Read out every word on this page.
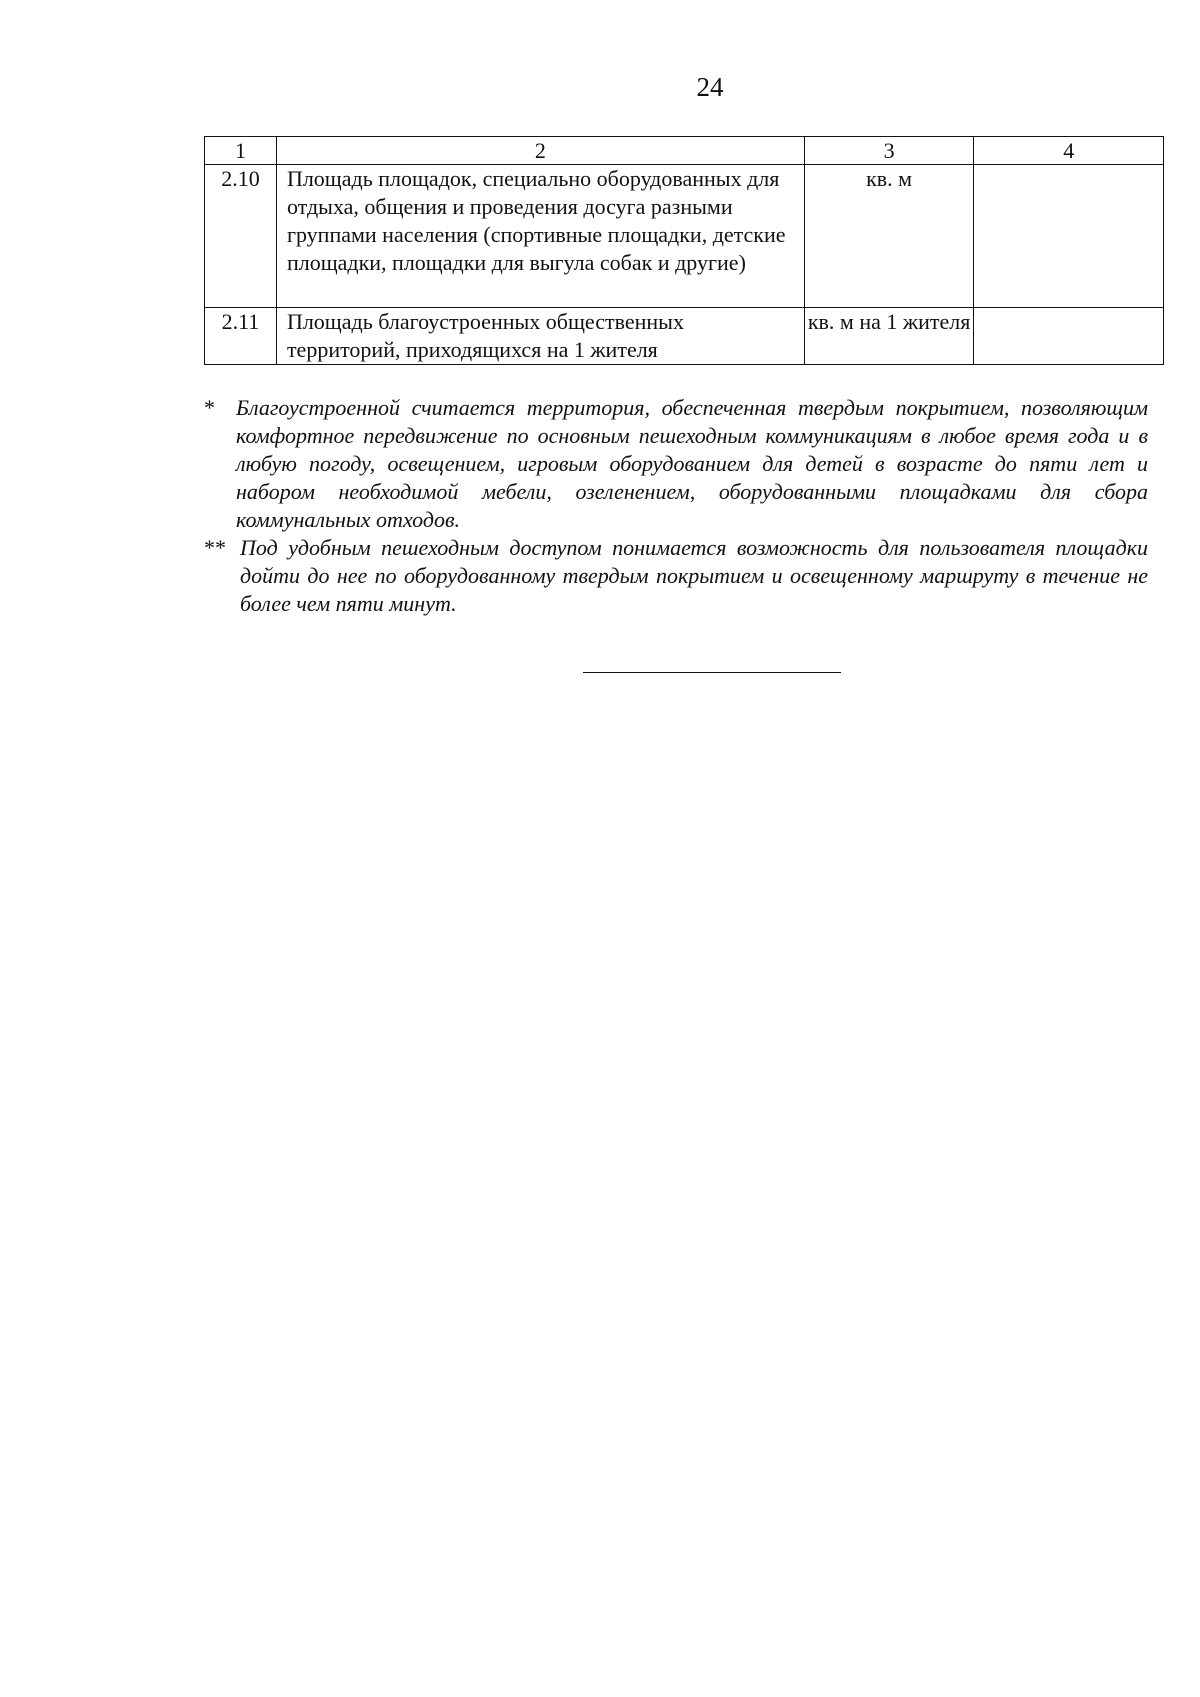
24
1	2	3	4
2.10	Площадь площадок, специально оборудованных для отдыха, общения и проведения досуга разными группами населения (спортивные площадки, детские площадки, площадки для выгула собак и другие)	кв. м	
2.11	Площадь благоустроенных общественных территорий, приходящихся на 1 жителя	кв. м на 1 жителя	
* Благоустроенной считается территория, обеспеченная твердым покрытием, позволяющим комфортное передвижение по основным пешеходным коммуникациям в любое время года и в любую погоду, освещением, игровым оборудованием для детей в возрасте до пяти лет и набором необходимой мебели, озеленением, оборудованными площадками для сбора коммунальных отходов.
** Под удобным пешеходным доступом понимается возможность для пользователя площадки дойти до нее по оборудованному твердым покрытием и освещенному маршруту в течение не более чем пяти минут.
